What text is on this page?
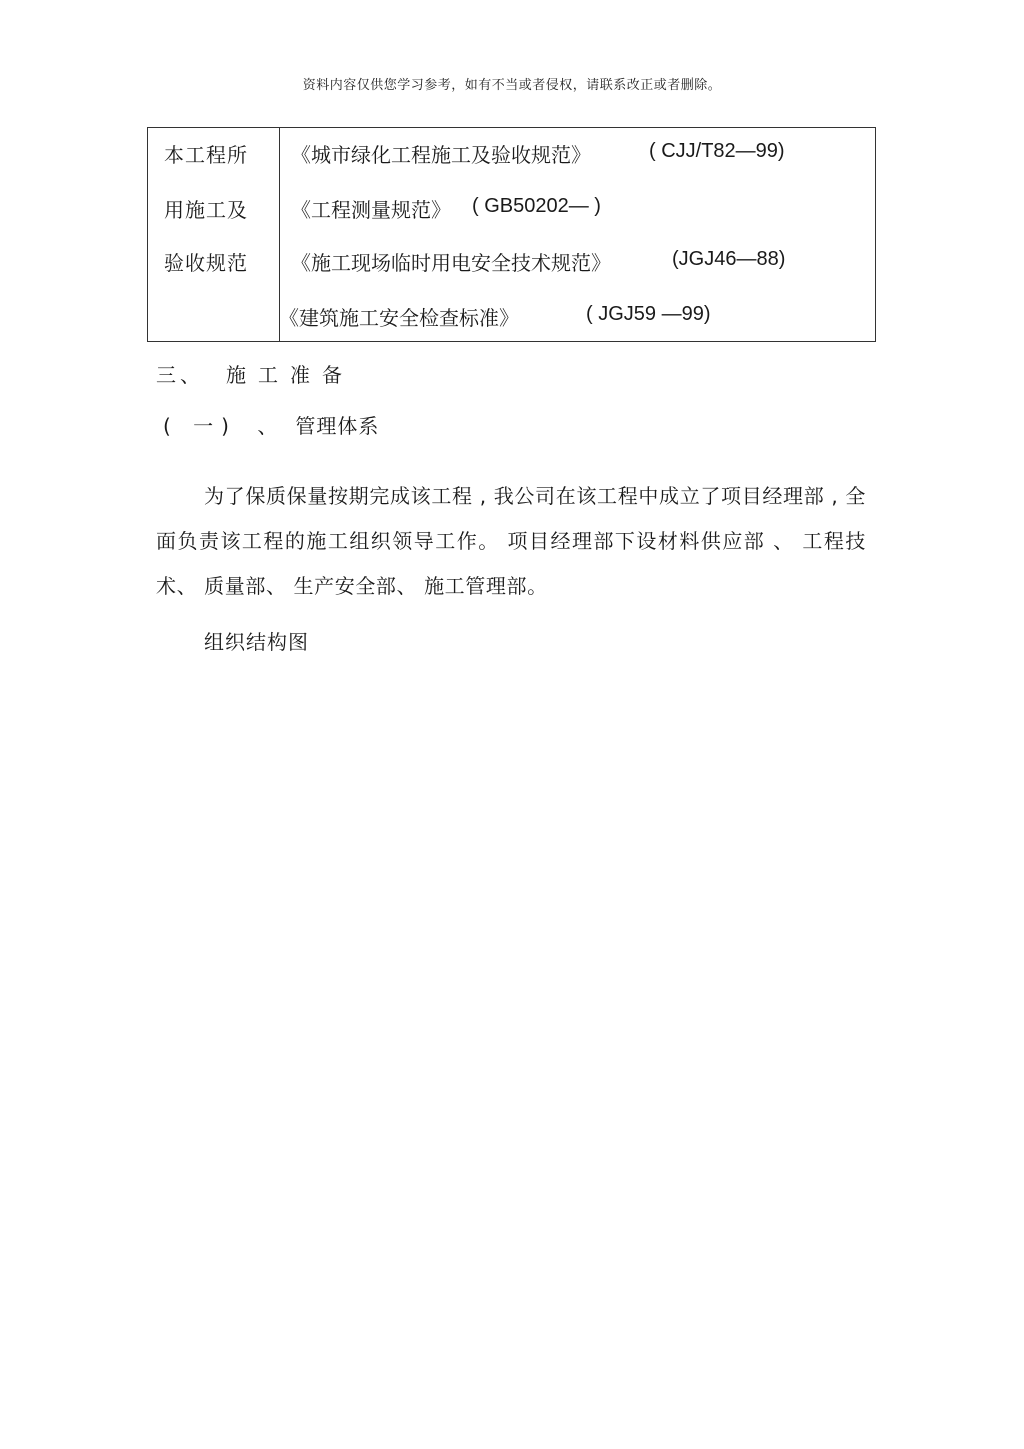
资料内容仅供您学习参考，如有不当或者侵权，请联系改正或者删除。
本工程所
用施工及
验收规范
《城市绿化工程施工及验收规范》	( CJJ/T82—99)
《工程测量规范》 ( GB50202— )
《施工现场临时用电安全技术规范》	(JGJ46—88)
《建筑施工安全检查标准》	( JGJ59 —99)
三、 施工准备
( 一) 、 管理体系

为了保质保量按期完成该工程 , 我公司在该工程中成立了项目经理部 , 全面负责该工程的施工组织领导工作。 项目经理部下设材料供应部 、 工程技术、 质量部、 生产安全部、 施工管理部。

组织结构图
